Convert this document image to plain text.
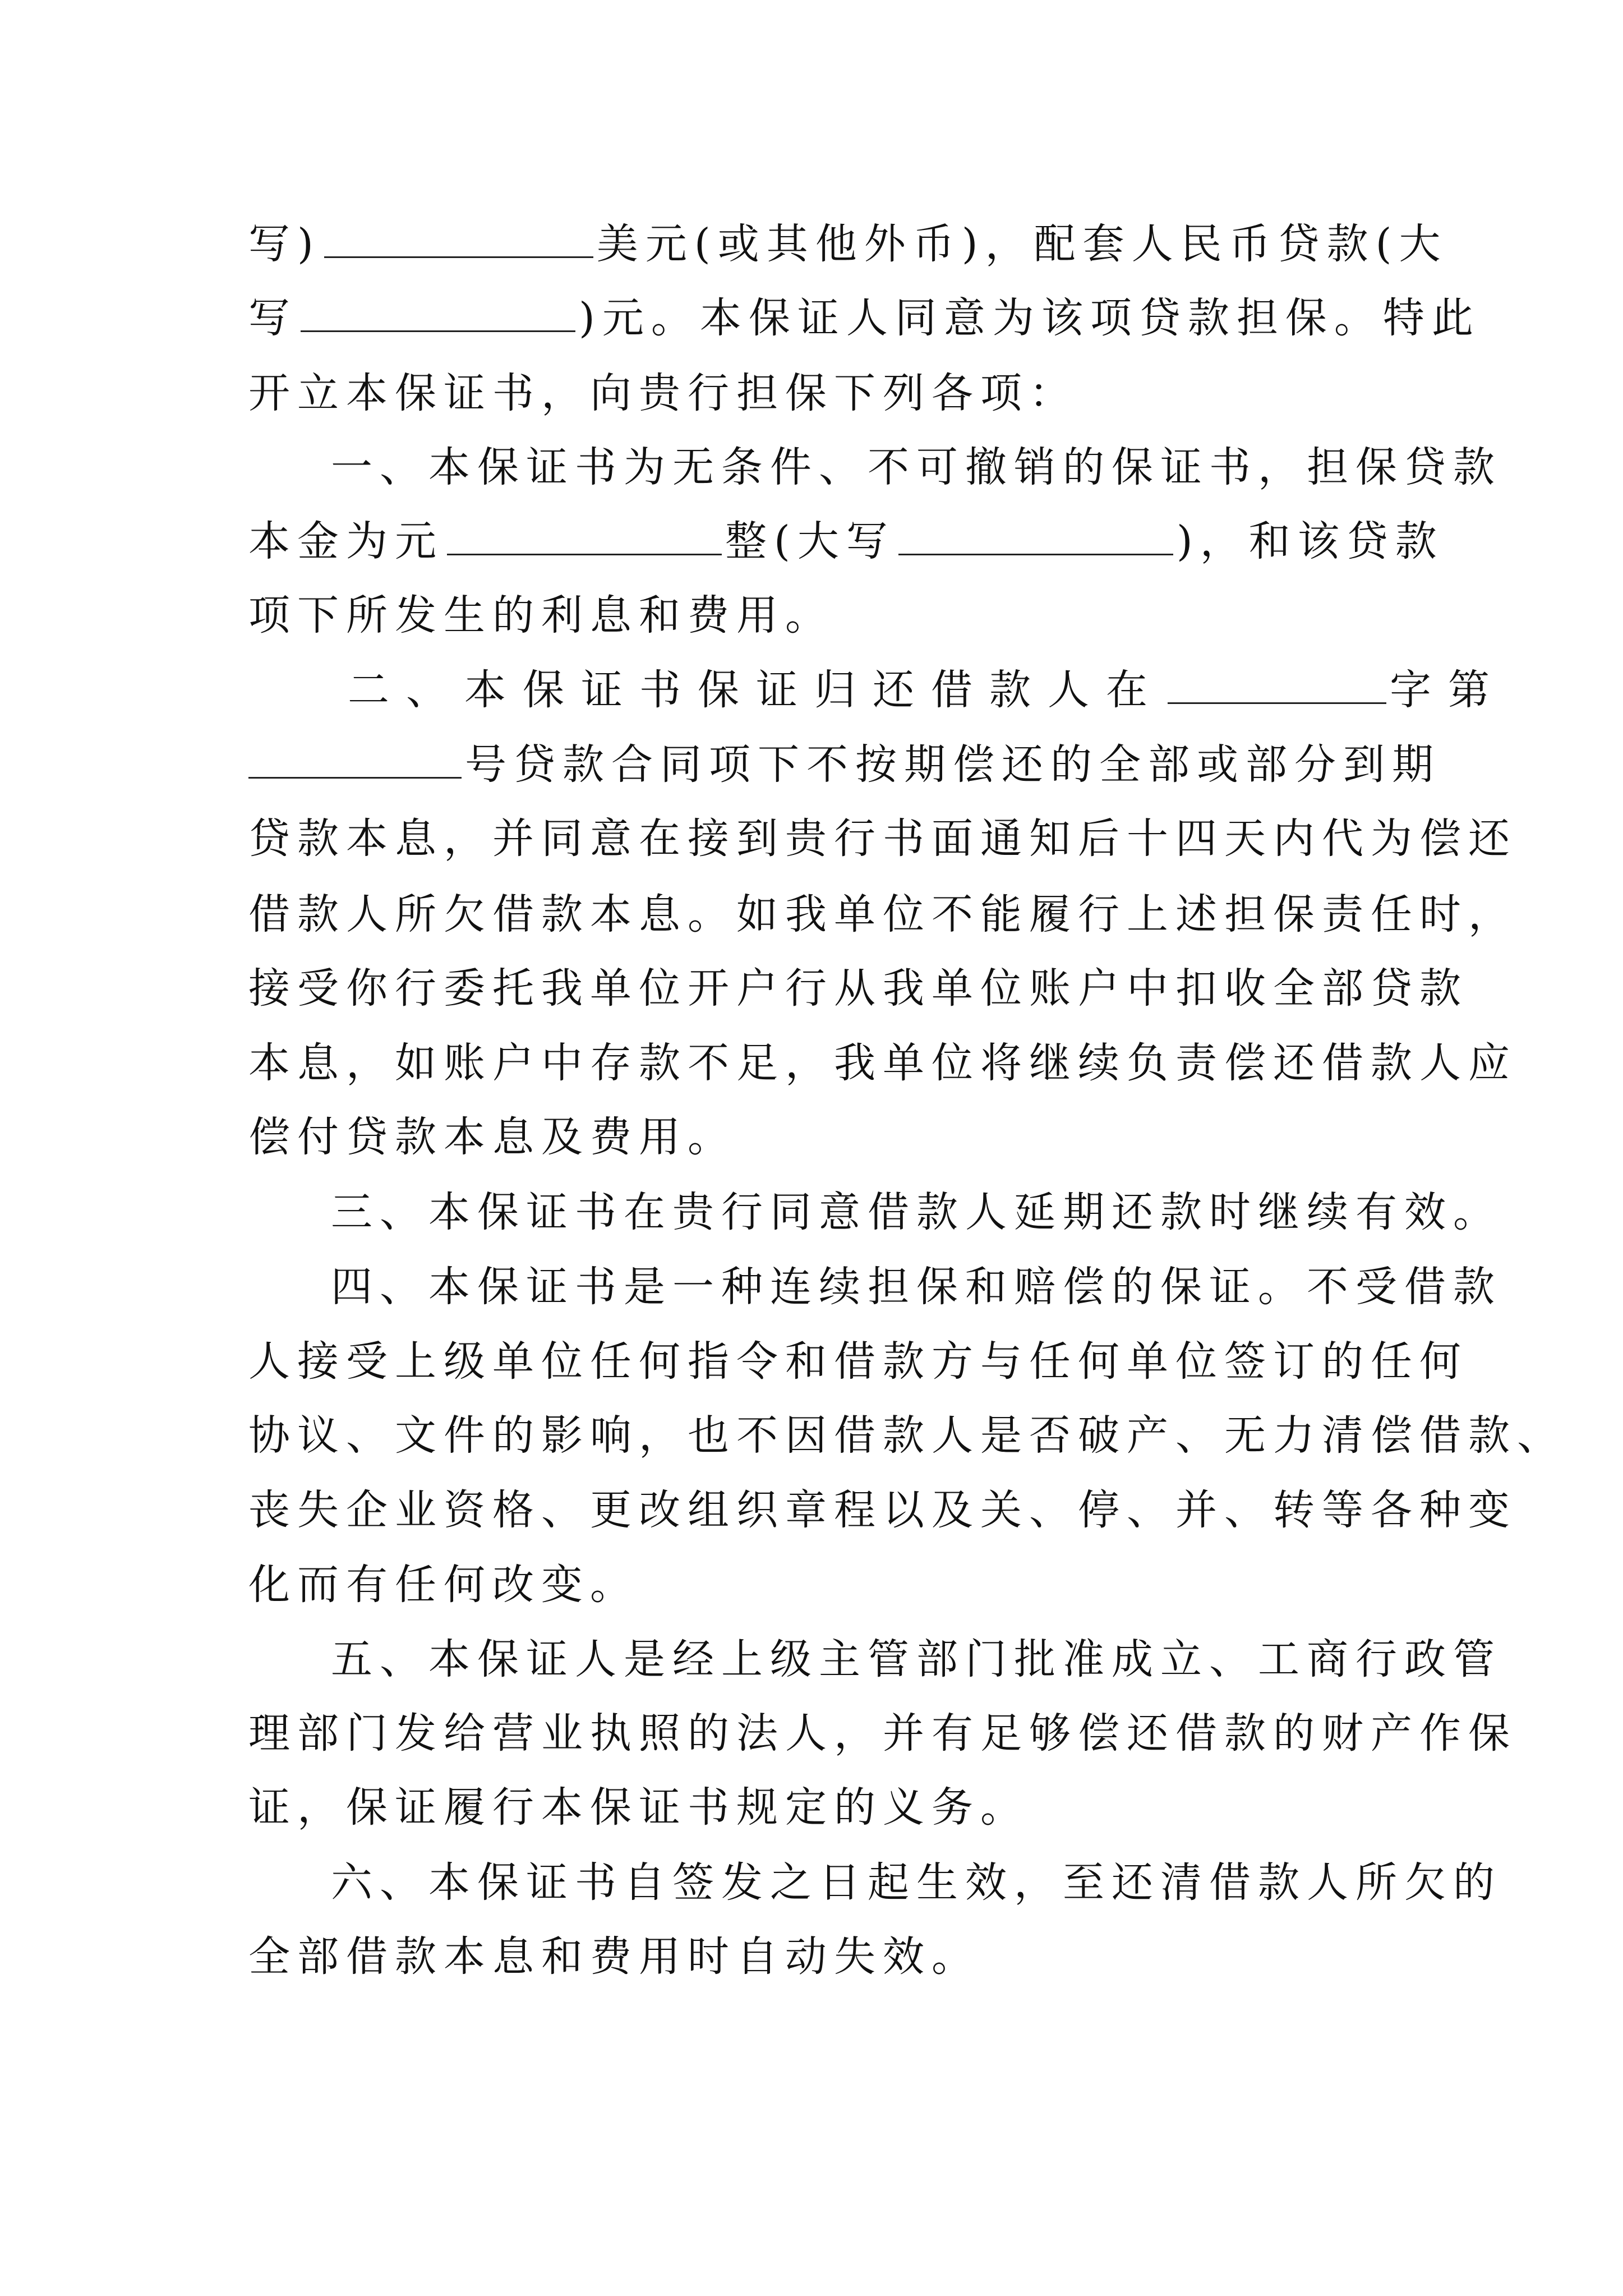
写)	美元(或其他外币)，配套人民币贷款(大
写	)元。本保证人同意为该项贷款担保。特此
开立本保证书，向贵行担保下列各项：
一、本保证书为无条件、不可撤销的保证书，担保贷款
本金为元	整(大写	)，和该贷款
项下所发生的利息和费用。
二、本保证书保证归还借款人在	字第
号贷款合同项下不按期偿还的全部或部分到期
贷款本息，并同意在接到贵行书面通知后十四天内代为偿还
借款人所欠借款本息。如我单位不能履行上述担保责任时，
接受你行委托我单位开户行从我单位账户中扣收全部贷款
本息，如账户中存款不足，我单位将继续负责偿还借款人应
偿付贷款本息及费用。
三、本保证书在贵行同意借款人延期还款时继续有效。
四、本保证书是一种连续担保和赔偿的保证。不受借款
人接受上级单位任何指令和借款方与任何单位签订的任何
协议、文件的影响，也不因借款人是否破产、无力清偿借款、
丧失企业资格、更改组织章程以及关、停、并、转等各种变
化而有任何改变。
五、本保证人是经上级主管部门批准成立、工商行政管
理部门发给营业执照的法人，并有足够偿还借款的财产作保
证，保证履行本保证书规定的义务。
六、本保证书自签发之日起生效，至还清借款人所欠的
全部借款本息和费用时自动失效。
